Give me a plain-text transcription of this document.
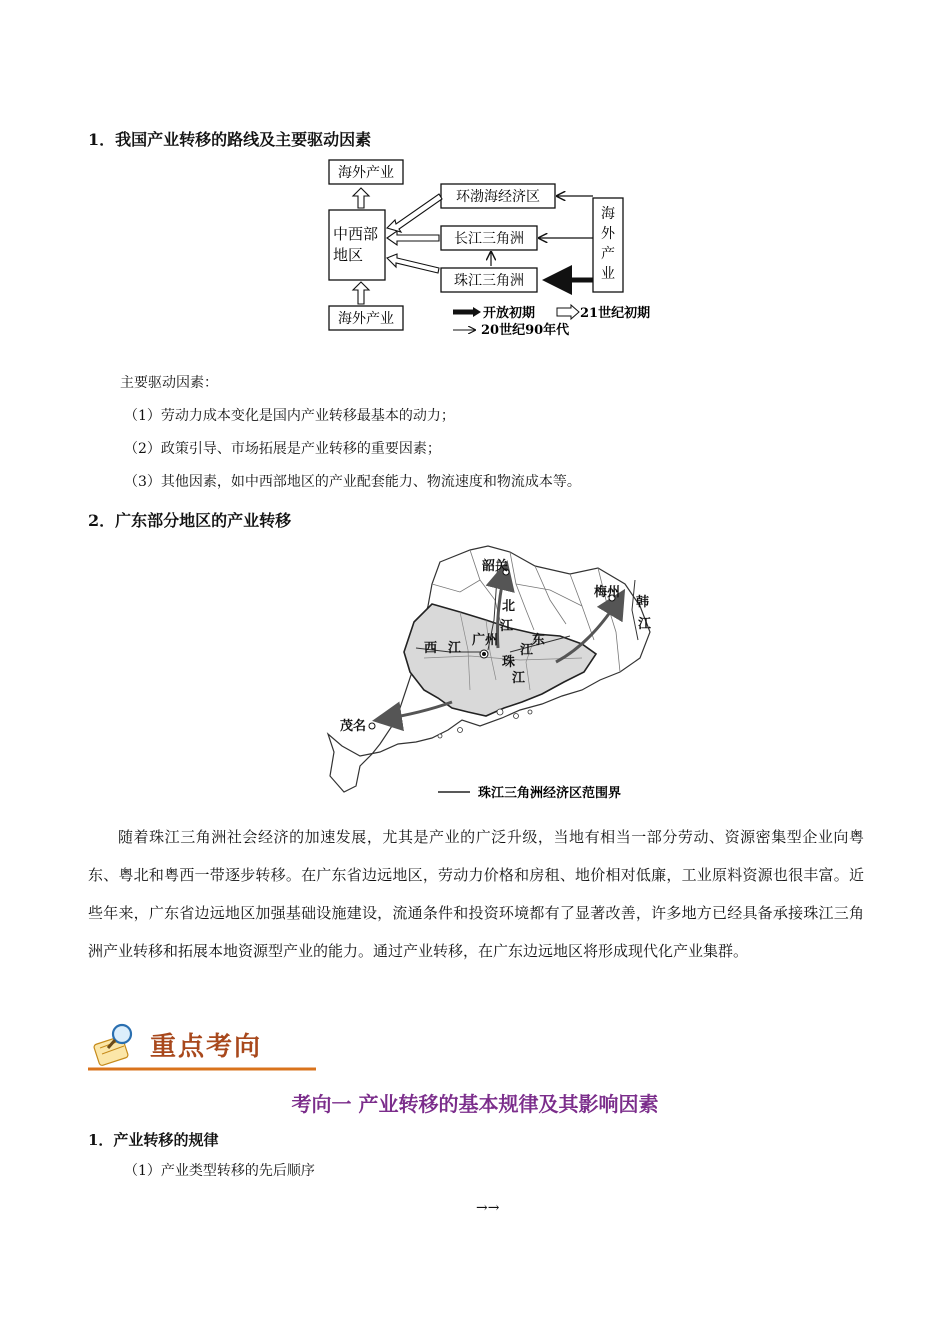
1．我国产业转移的路线及主要驱动因素
海外产业
中西部
地区
海外产业
环渤海经济区
长江三角洲
珠江三角洲
海
外
产
业
开放初期	21世纪初期
20世纪90年代
主要驱动因素：
（1）劳动力成本变化是国内产业转移最基本的动力；
（2）政策引导、市场拓展是产业转移的重要因素；
（3）其他因素，如中西部地区的产业配套能力、物流速度和物流成本等。
2．广东部分地区的产业转移
韶关
北
江
梅州
韩
江
西 江
广州	东
江
珠
江
茂名
珠江三角洲经济区范围界
随着珠江三角洲社会经济的加速发展，尤其是产业的广泛升级，当地有相当一部分劳动、资源密集型企业向粤东、粤北和粤西一带逐步转移。在广东省边远地区，劳动力价格和房租、地价相对低廉，工业原料资源也很丰富。近些年来，广东省边远地区加强基础设施建设，流通条件和投资环境都有了显著改善，许多地方已经具备承接珠江三角洲产业转移和拓展本地资源型产业的能力。通过产业转移，在广东边远地区将形成现代化产业集群。
重点考向
考向一 产业转移的基本规律及其影响因素
1．产业转移的规律
（1）产业类型转移的先后顺序
→→
